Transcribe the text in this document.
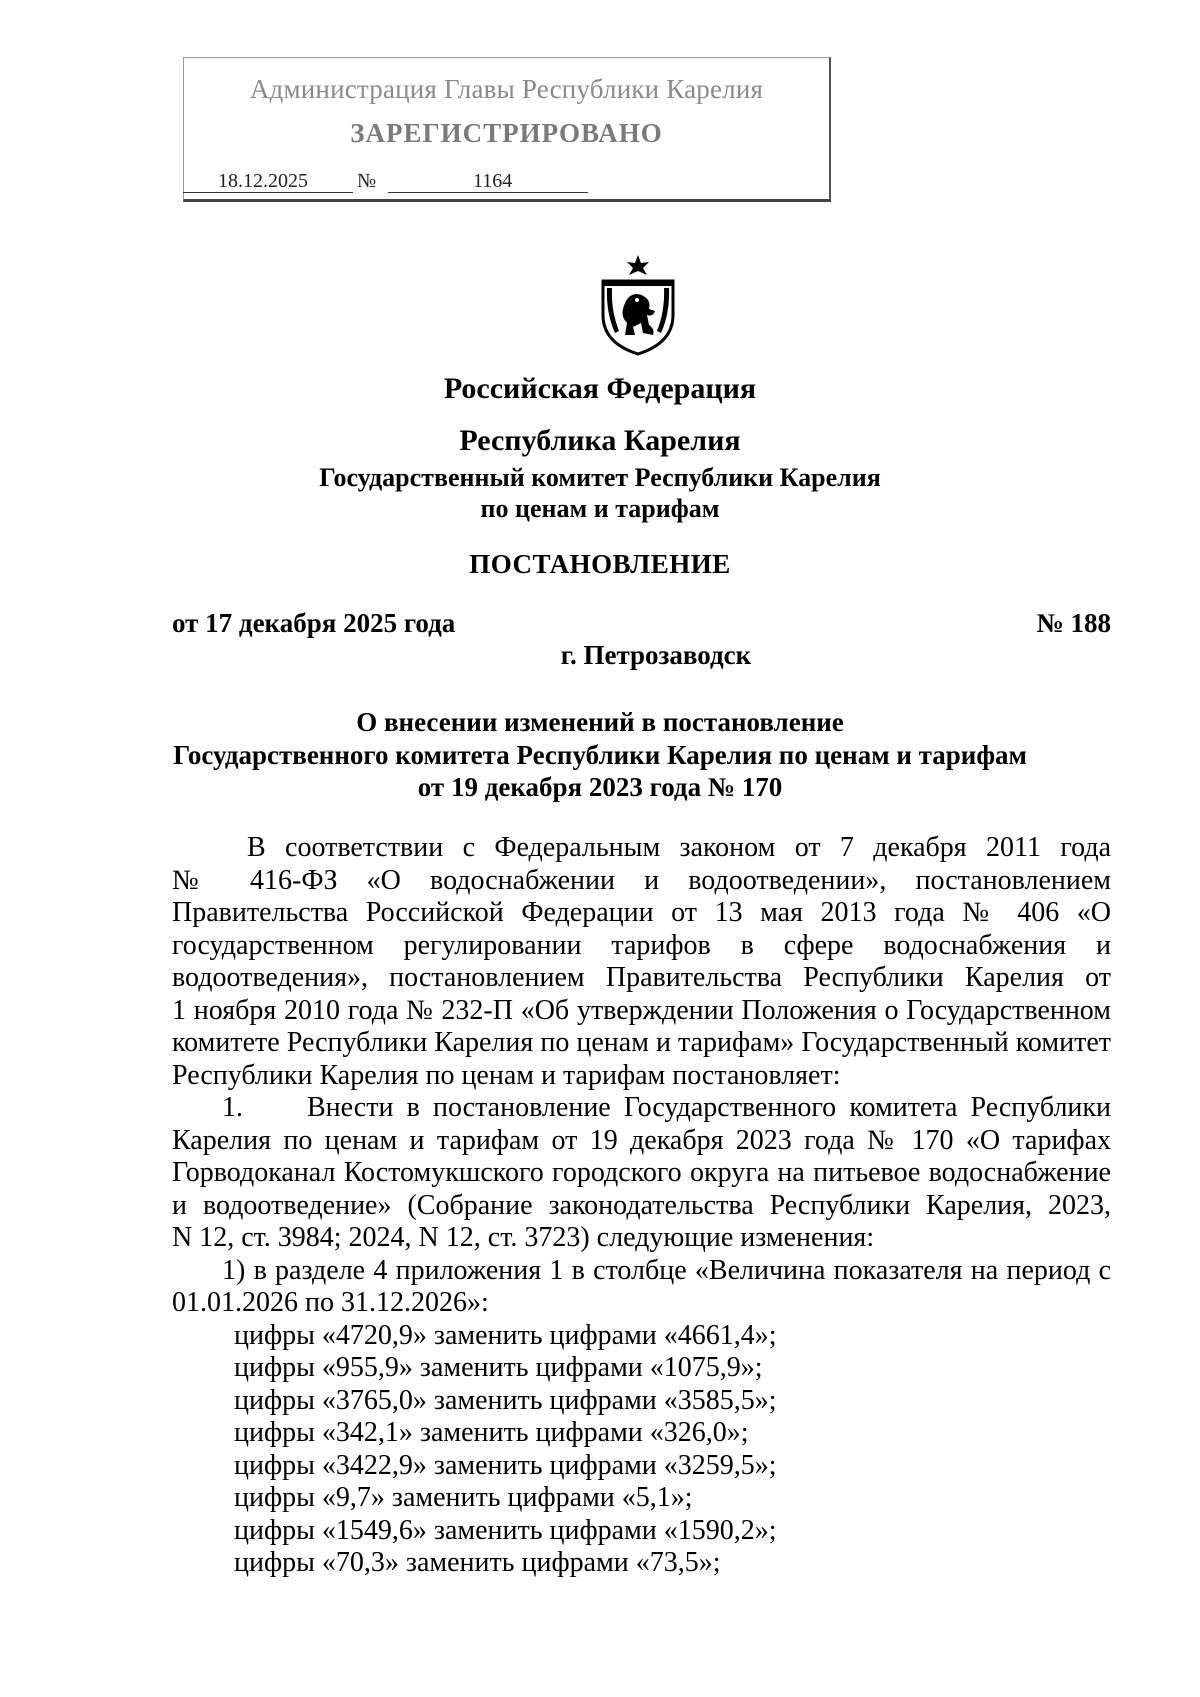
Администрация Главы Республики Карелия
ЗАРЕГИСТРИРОВАНО
18.12.2025 №	1164
Российская Федерация
Республика Карелия
Государственный комитет Республики Карелия
по ценам и тарифам
ПОСТАНОВЛЕНИЕ
от 17 декабря 2025 года	№ 188
г. Петрозаводск
О внесении изменений в постановление
Государственного комитета Республики Карелия по ценам и тарифам
от 19 декабря 2023 года № 170
В соответствии с Федеральным законом от 7 декабря 2011 года
№ 416-ФЗ «О водоснабжении и водоотведении», постановлением
Правительства Российской Федерации от 13 мая 2013 года № 406 «О
государственном регулировании тарифов в сфере водоснабжения и
водоотведения», постановлением Правительства Республики Карелия от
1 ноября 2010 года № 232-П «Об утверждении Положения о Государственном
комитете Республики Карелия по ценам и тарифам» Государственный комитет
Республики Карелия по ценам и тарифам постановляет:
1. Внести в постановление Государственного комитета Республики
Карелия по ценам и тарифам от 19 декабря 2023 года № 170 «О тарифах
Горводоканал Костомукшского городского округа на питьевое водоснабжение
и водоотведение» (Собрание законодательства Республики Карелия, 2023,
N 12, ст. 3984; 2024, N 12, ст. 3723) следующие изменения:
1) в разделе 4 приложения 1 в столбце «Величина показателя на период с
01.01.2026 по 31.12.2026»:
цифры «4720,9» заменить цифрами «4661,4»;
цифры «955,9» заменить цифрами «1075,9»;
цифры «3765,0» заменить цифрами «3585,5»;
цифры «342,1» заменить цифрами «326,0»;
цифры «3422,9» заменить цифрами «3259,5»;
цифры «9,7» заменить цифрами «5,1»;
цифры «1549,6» заменить цифрами «1590,2»;
цифры «70,3» заменить цифрами «73,5»;
